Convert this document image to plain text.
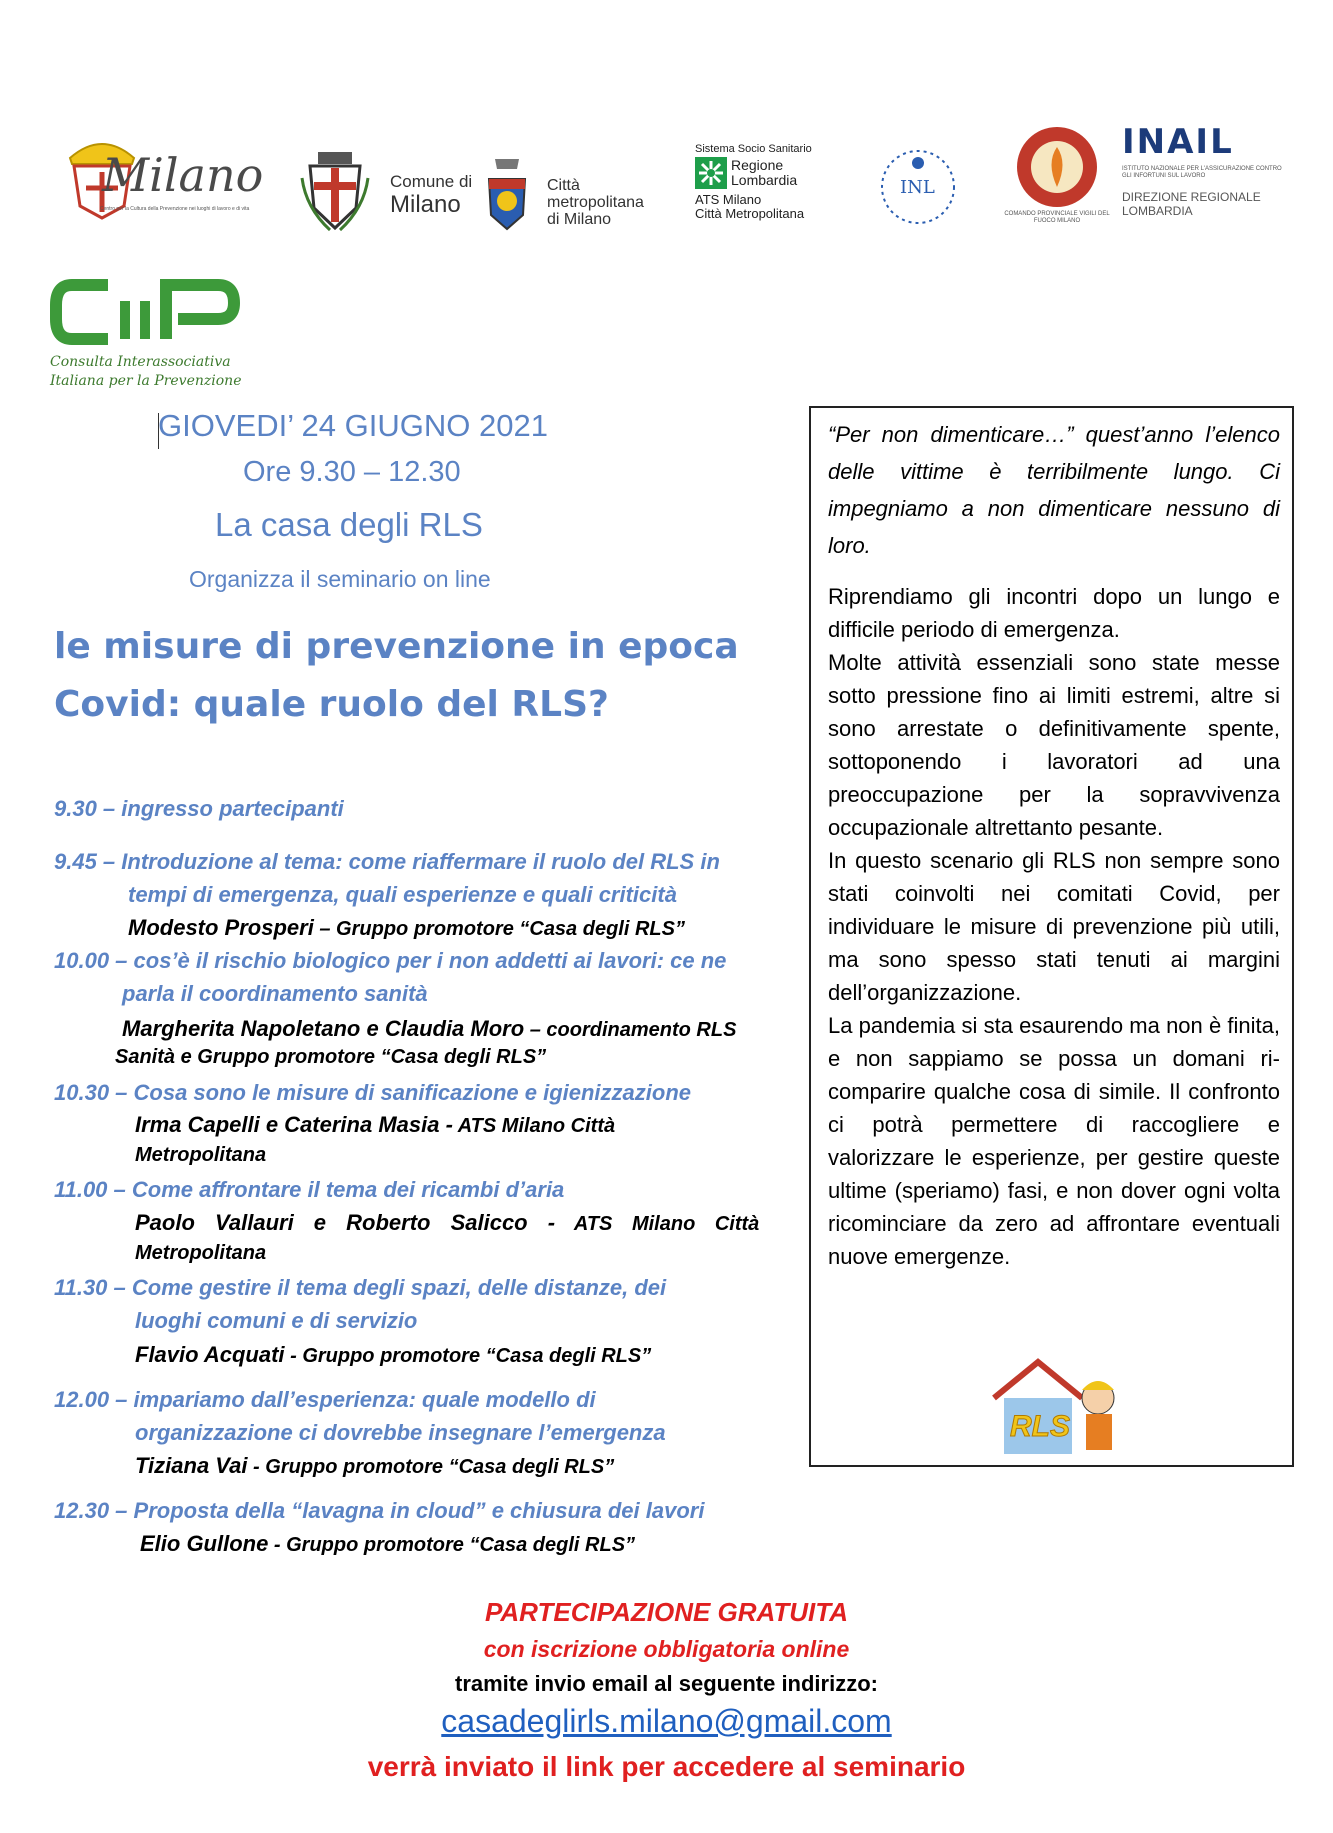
Milano
Centro per la Cultura della Prevenzione nei luoghi di lavoro e di vita
Comune di
Milano
Città
metropolitana
di Milano
Sistema Socio Sanitario
Regione
Lombardia
ATS Milano
Città Metropolitana
INL
COMANDO PROVINCIALE VIGILI DEL FUOCO MILANO
INAIL
ISTITUTO NAZIONALE PER L'ASSICURAZIONE CONTRO GLI INFORTUNI SUL LAVORO
DIREZIONE REGIONALE
LOMBARDIA
Consulta Interassociativa
Italiana per la Prevenzione
GIOVEDI’ 24 GIUGNO 2021
Ore 9.30 – 12.30
La casa degli RLS
Organizza il seminario on line
le misure di prevenzione in epoca
Covid: quale ruolo del RLS?
9.30 – ingresso partecipanti
9.45 – Introduzione al tema: come riaffermare il ruolo del RLS in
tempi di emergenza, quali esperienze e quali criticità
Modesto Prosperi – Gruppo promotore “Casa degli RLS”
10.00 – cos’è il rischio biologico per i non addetti ai lavori: ce ne
parla il coordinamento sanità
Margherita Napoletano e Claudia Moro – coordinamento RLS
Sanità e Gruppo promotore “Casa degli RLS”
10.30 – Cosa sono le misure di sanificazione e igienizzazione
Irma Capelli e Caterina Masia - ATS Milano Città
Metropolitana
11.00 – Come affrontare il tema dei ricambi d’aria
Paolo Vallauri e Roberto Salicco - ATS Milano Città
Metropolitana
11.30 – Come gestire il tema degli spazi, delle distanze, dei
luoghi comuni e di servizio
Flavio Acquati - Gruppo promotore “Casa degli RLS”
12.00 – impariamo dall’esperienza: quale modello di
organizzazione ci dovrebbe insegnare l’emergenza
Tiziana Vai - Gruppo promotore “Casa degli RLS”
12.30 – Proposta della “lavagna in cloud” e chiusura dei lavori
Elio Gullone - Gruppo promotore “Casa degli RLS”
“Per non dimenticare…” quest’anno l’elenco delle vittime è terribilmente lungo. Ci impegniamo a non dimenticare nessuno di loro.

Riprendiamo gli incontri dopo un lungo e difficile periodo di emergenza.

Molte attività essenziali sono state messe sotto pressione fino ai limiti estremi, altre si sono arrestate o definitivamente spente, sottoponendo i lavoratori ad una preoccupazione per la sopravvivenza occupazionale altrettanto pesante.

In questo scenario gli RLS non sempre sono stati coinvolti nei comitati Covid, per individuare le misure di prevenzione più utili, ma sono spesso stati tenuti ai margini dell’organizzazione.

La pandemia si sta esaurendo ma non è finita, e non sappiamo se possa un domani ri-comparire qualche cosa di simile. Il confronto ci potrà permettere di raccogliere e valorizzare le esperienze, per gestire queste ultime (speriamo) fasi, e non dover ogni volta ricominciare da zero ad affrontare eventuali nuove emergenze.

RLS
PARTECIPAZIONE GRATUITA
con iscrizione obbligatoria online
tramite invio email al seguente indirizzo:
casadeglirls.milano@gmail.com
verrà inviato il link per accedere al seminario
